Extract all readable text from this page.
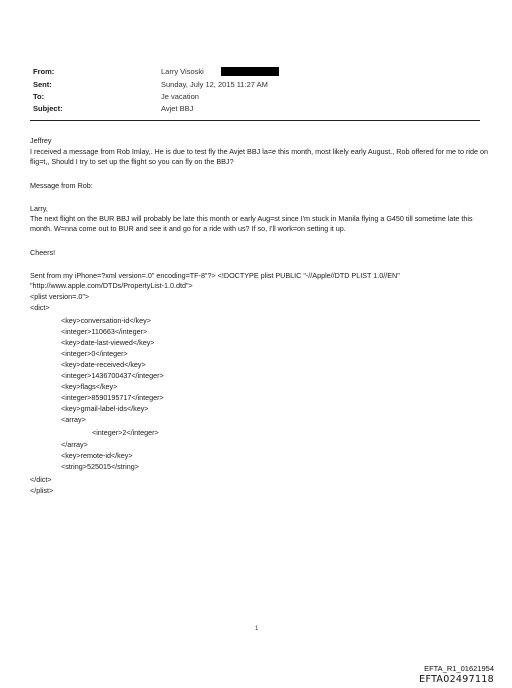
From:	Larry Visoski
Sent:	Sunday, July 12, 2015 11:27 AM
To:	Je vacation
Subject:	Avjet BBJ
Jeffrey
I received a message from Rob Imlay,. He is due to test fly the Avjet BBJ la=e this month, most likely early August., Rob offered for me to ride on flig=t,, Should I try to set up the flight so you can fly on the BBJ?
Message from Rob:
Larry,
The next flight on the BUR BBJ will probably be late this month or early Aug=st since I'm stuck in Manila flying a G450 till sometime late this month. W=nna come out to BUR and see it and go for a ride with us? If so, I'll work=on setting it up.
Cheers!
Sent from my iPhone=?xml version=.0" encoding=TF-8"?> <!DOCTYPE plist PUBLIC "-//Apple//DTD PLIST 1.0//EN"
"http://www.apple.com/DTDs/PropertyList-1.0.dtd">
<plist version=.0">
<dict>
<key>conversation-id</key>
<integer>110663</integer>
<key>date-last-viewed</key>
<integer>0</integer>
<key>date-received</key>
<integer>1436700437</integer>
<key>flags</key>
<integer>8590195717</integer>
<key>gmail-label-ids</key>
<array>
<integer>2</integer>
</array>
<key>remote-id</key>
<string>525015</string>
</dict>
</plist>
1
EFTA_R1_01621954
EFTA02497118
